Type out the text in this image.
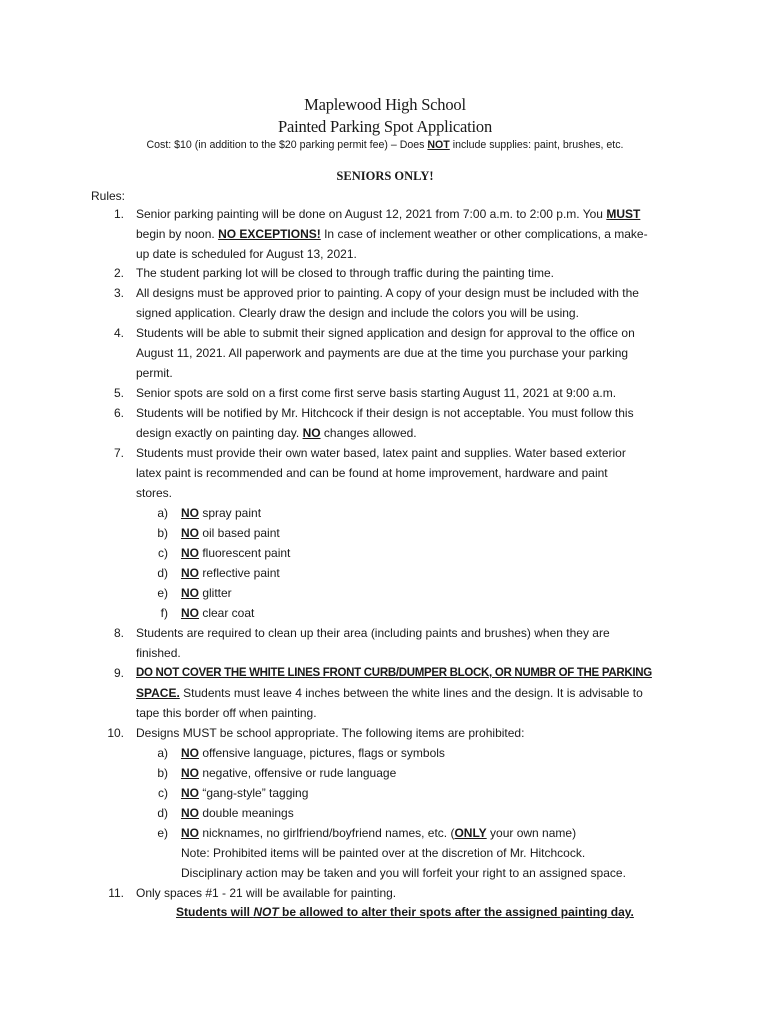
Maplewood High School
Painted Parking Spot Application
Cost: $10 (in addition to the $20 parking permit fee) – Does NOT include supplies: paint, brushes, etc.
SENIORS ONLY!
Rules:
1. Senior parking painting will be done on August 12, 2021 from 7:00 a.m. to 2:00 p.m. You MUST
begin by noon. NO EXCEPTIONS! In case of inclement weather or other complications, a make-
up date is scheduled for August 13, 2021.
2. The student parking lot will be closed to through traffic during the painting time.
3. All designs must be approved prior to painting. A copy of your design must be included with the
signed application. Clearly draw the design and include the colors you will be using.
4. Students will be able to submit their signed application and design for approval to the office on
August 11, 2021. All paperwork and payments are due at the time you purchase your parking
permit.
5. Senior spots are sold on a first come first serve basis starting August 11, 2021 at 9:00 a.m.
6. Students will be notified by Mr. Hitchcock if their design is not acceptable. You must follow this
design exactly on painting day. NO changes allowed.
7. Students must provide their own water based, latex paint and supplies. Water based exterior
latex paint is recommended and can be found at home improvement, hardware and paint
stores.
a) NO spray paint
b) NO oil based paint
c) NO fluorescent paint
d) NO reflective paint
e) NO glitter
f) NO clear coat
8. Students are required to clean up their area (including paints and brushes) when they are
finished.
9. DO NOT COVER THE WHITE LINES FRONT CURB/DUMPER BLOCK, OR NUMBR OF THE PARKING
SPACE. Students must leave 4 inches between the white lines and the design. It is advisable to
tape this border off when painting.
10. Designs MUST be school appropriate. The following items are prohibited:
a) NO offensive language, pictures, flags or symbols
b) NO negative, offensive or rude language
c) NO “gang-style” tagging
d) NO double meanings
e) NO nicknames, no girlfriend/boyfriend names, etc. (ONLY your own name)
Note: Prohibited items will be painted over at the discretion of Mr. Hitchcock.
Disciplinary action may be taken and you will forfeit your right to an assigned space.
11. Only spaces #1 - 21 will be available for painting.
Students will NOT be allowed to alter their spots after the assigned painting day.
